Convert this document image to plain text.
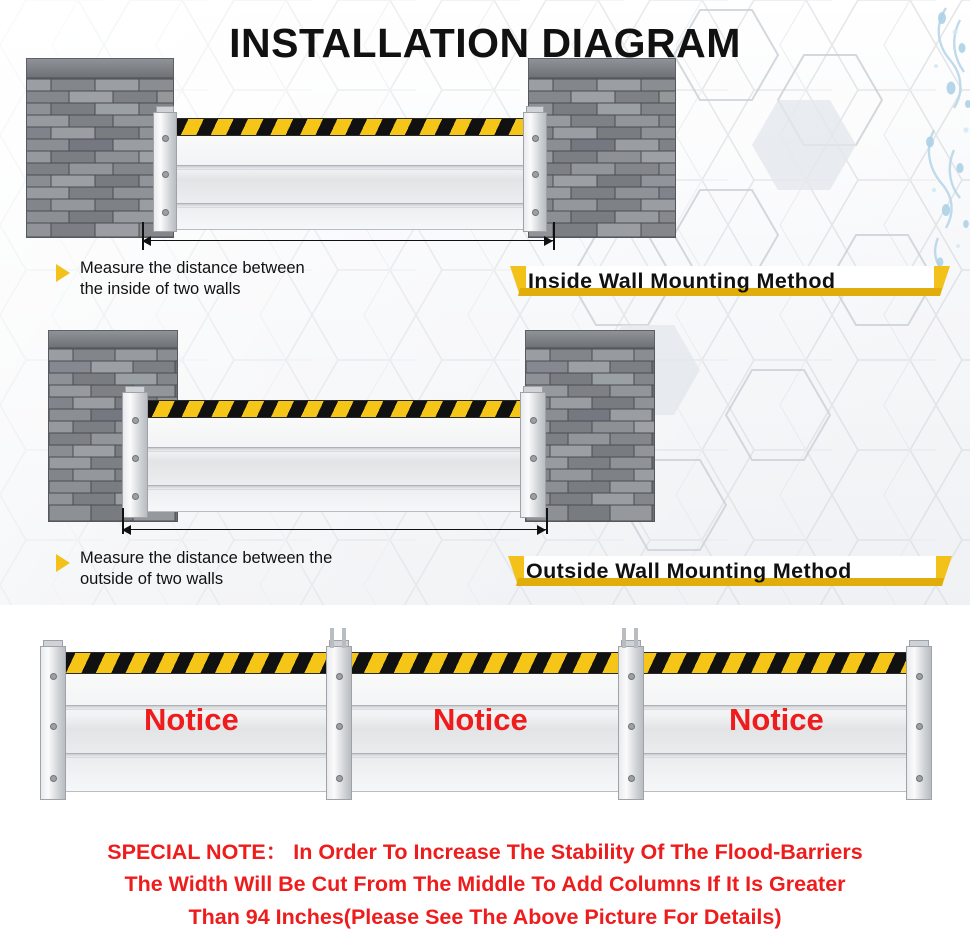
INSTALLATION DIAGRAM
Measure the distance between
the inside of two walls	Inside Wall Mounting Method
Measure the distance between the
outside of two walls	Outside Wall Mounting Method
Notice	Notice	Notice
SPECIAL NOTE： In Order To Increase The Stability Of The Flood-Barriers
The Width Will Be Cut From The Middle To Add Columns If It Is Greater
Than 94 Inches(Please See The Above Picture For Details)
